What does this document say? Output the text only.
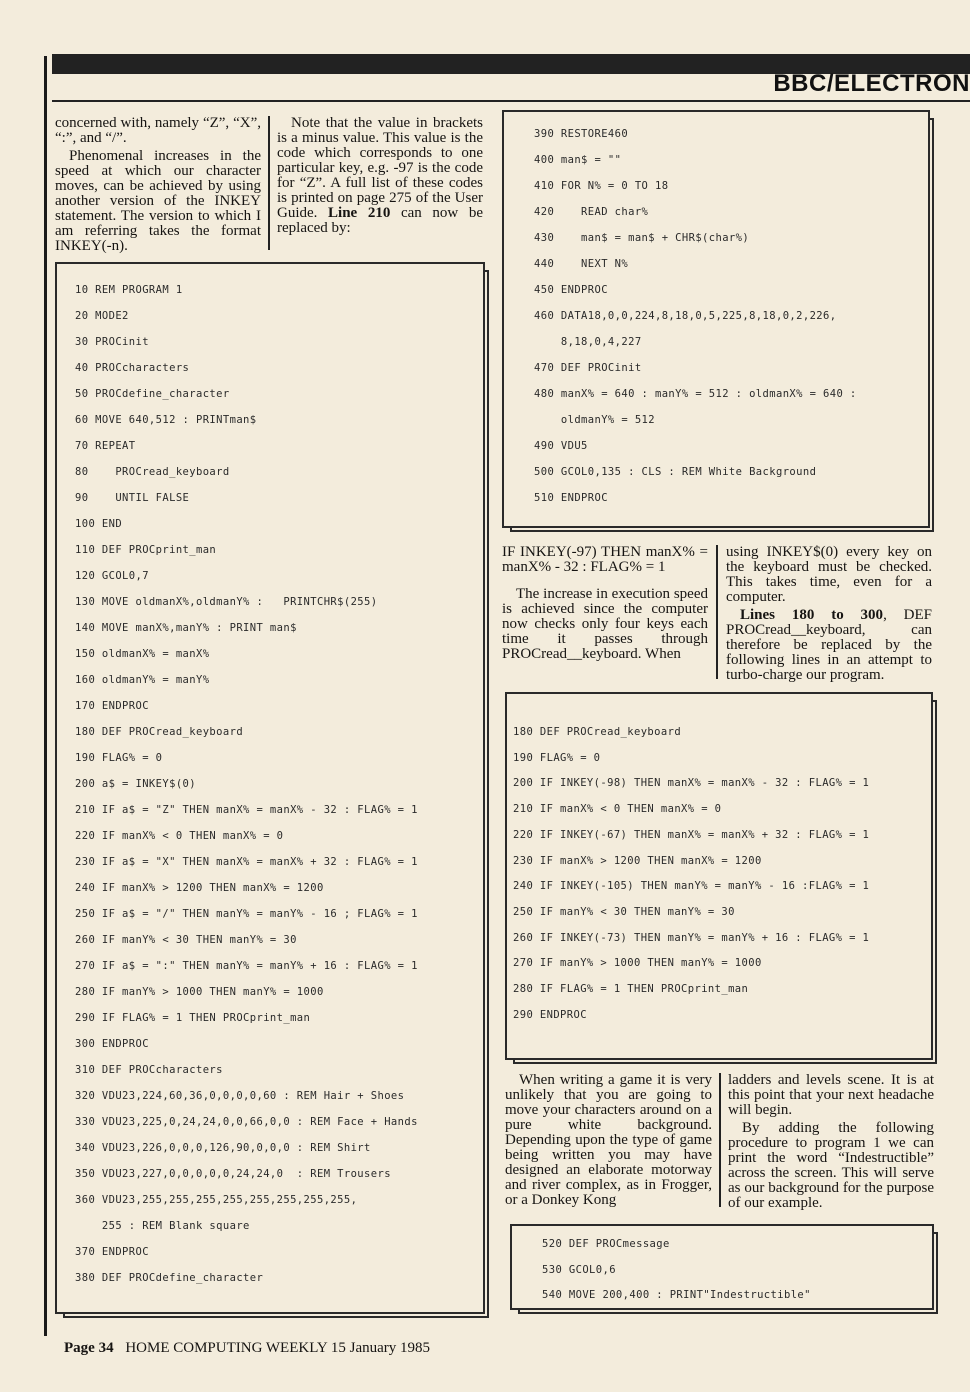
BBC/ELECTRON

concerned with, namely “Z”, “X”, “:”, and “/”.

Phenomenal increases in the speed at which our character moves, can be achieved by using another version of the INKEY statement. The version to which I am referring takes the format INKEY(-n).

Note that the value in brackets is a minus value. This value is the code which corresponds to one particular key, e.g. -97 is the code for “Z”. A full list of these codes is printed on page 275 of the User Guide. Line 210 can now be replaced by:

10 REM PROGRAM 1
20 MODE2
30 PROCinit
40 PROCcharacters
50 PROCdefine_character
60 MOVE 640,512 : PRINTman$
70 REPEAT
80    PROCread_keyboard
90    UNTIL FALSE
100 END
110 DEF PROCprint_man
120 GCOL0,7
130 MOVE oldmanX%,oldmanY% :   PRINTCHR$(255)
140 MOVE manX%,manY% : PRINT man$
150 oldmanX% = manX%
160 oldmanY% = manY%
170 ENDPROC
180 DEF PROCread_keyboard
190 FLAG% = 0
200 a$ = INKEY$(0)
210 IF a$ = "Z" THEN manX% = manX% - 32 : FLAG% = 1
220 IF manX% < 0 THEN manX% = 0
230 IF a$ = "X" THEN manX% = manX% + 32 : FLAG% = 1
240 IF manX% > 1200 THEN manX% = 1200
250 IF a$ = "/" THEN manY% = manY% - 16 ; FLAG% = 1
260 IF manY% < 30 THEN manY% = 30
270 IF a$ = ":" THEN manY% = manY% + 16 : FLAG% = 1
280 IF manY% > 1000 THEN manY% = 1000
290 IF FLAG% = 1 THEN PROCprint_man
300 ENDPROC
310 DEF PROCcharacters
320 VDU23,224,60,36,0,0,0,0,60 : REM Hair + Shoes
330 VDU23,225,0,24,24,0,0,66,0,0 : REM Face + Hands
340 VDU23,226,0,0,0,126,90,0,0,0 : REM Shirt
350 VDU23,227,0,0,0,0,0,24,24,0  : REM Trousers
360 VDU23,255,255,255,255,255,255,255,255,
255 : REM Blank square
370 ENDPROC
380 DEF PROCdefine_character
390 RESTORE460
400 man$ = ""
410 FOR N% = 0 TO 18
420    READ char%
430    man$ = man$ + CHR$(char%)
440    NEXT N%
450 ENDPROC
460 DATA18,0,0,224,8,18,0,5,225,8,18,0,2,226,
8,18,0,4,227
470 DEF PROCinit
480 manX% = 640 : manY% = 512 : oldmanX% = 640 :
oldmanY% = 512
490 VDU5
500 GCOL0,135 : CLS : REM White Background
510 ENDPROC

IF INKEY(-97) THEN manX% = manX% - 32 : FLAG% = 1

The increase in execution speed is achieved since the computer now checks only four keys each time it passes through PROCread__keyboard. When

using INKEY$(0) every key on the keyboard must be checked. This takes time, even for a computer.

Lines 180 to 300, DEF PROCread__keyboard, can therefore be replaced by the following lines in an attempt to turbo-charge our program.

180 DEF PROCread_keyboard
190 FLAG% = 0
200 IF INKEY(-98) THEN manX% = manX% - 32 : FLAG% = 1
210 IF manX% < 0 THEN manX% = 0
220 IF INKEY(-67) THEN manX% = manX% + 32 : FLAG% = 1
230 IF manX% > 1200 THEN manX% = 1200
240 IF INKEY(-105) THEN manY% = manY% - 16 :FLAG% = 1
250 IF manY% < 30 THEN manY% = 30
260 IF INKEY(-73) THEN manY% = manY% + 16 : FLAG% = 1
270 IF manY% > 1000 THEN manY% = 1000
280 IF FLAG% = 1 THEN PROCprint_man
290 ENDPROC

When writing a game it is very unlikely that you are going to move your characters around on a pure white background. Depending upon the type of game being written you may have designed an elaborate motorway and river complex, as in Frogger, or a Donkey Kong

ladders and levels scene. It is at this point that your next headache will begin.

By adding the following procedure to program 1 we can print the word “Indestructible” across the screen. This will serve as our background for the purpose of our example.

520 DEF PROCmessage
530 GCOL0,6
540 MOVE 200,400 : PRINT"Indestructible"
Page 34 HOME COMPUTING WEEKLY 15 January 1985
